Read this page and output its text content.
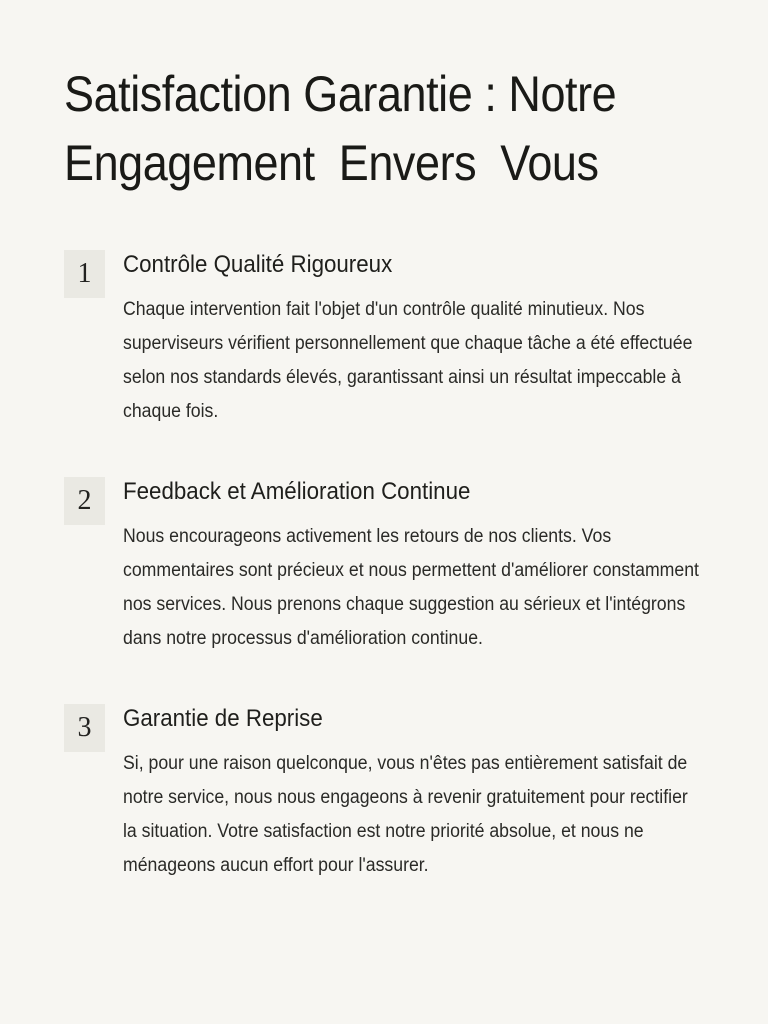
Satisfaction Garantie : Notre
Engagement  Envers  Vous
1	Contrôle Qualité Rigoureux

Chaque intervention fait l'objet d'un contrôle qualité minutieux. Nos superviseurs vérifient personnellement que chaque tâche a été effectuée selon nos standards élevés, garantissant ainsi un résultat impeccable à chaque fois.

2	Feedback et Amélioration Continue

Nous encourageons activement les retours de nos clients. Vos commentaires sont précieux et nous permettent d'améliorer constamment nos services. Nous prenons chaque suggestion au sérieux et l'intégrons dans notre processus d'amélioration continue.

3	Garantie de Reprise

Si, pour une raison quelconque, vous n'êtes pas entièrement satisfait de notre service, nous nous engageons à revenir gratuitement pour rectifier la situation. Votre satisfaction est notre priorité absolue, et nous ne ménageons aucun effort pour l'assurer.
